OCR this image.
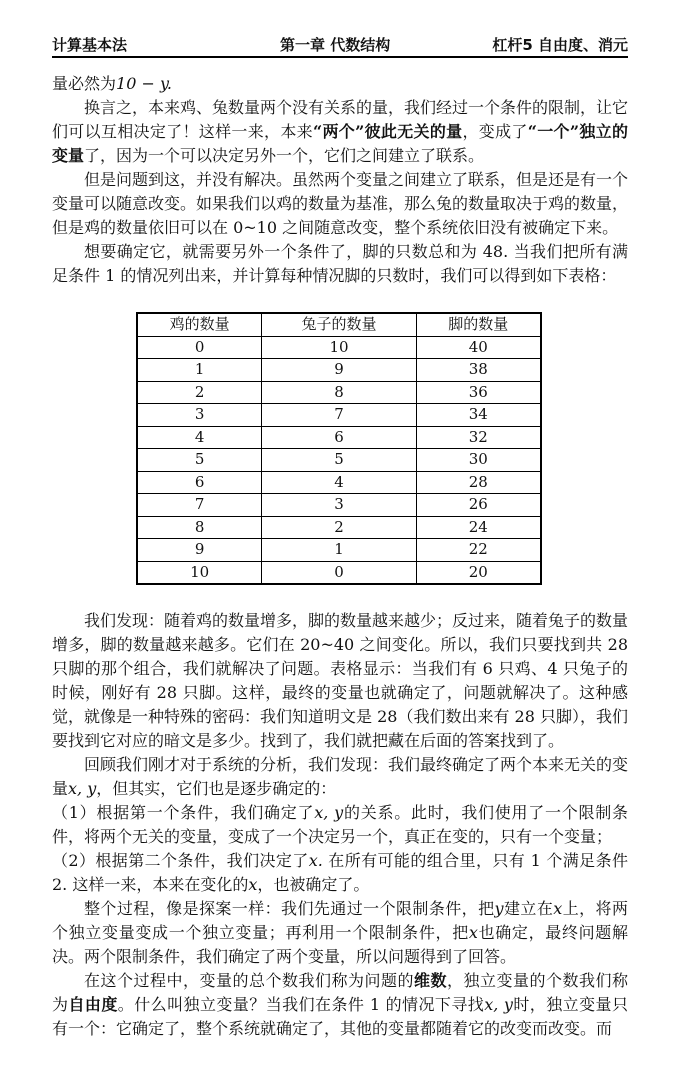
计算基本法	第一章 代数结构	杠杆5 自由度、消元

量必然为10 − y.

换言之，本来鸡、兔数量两个没有关系的量，我们经过一个条件的限制，让它们可以互相决定了！这样一来，本来“两个”彼此无关的量，变成了“一个”独立的变量了，因为一个可以决定另外一个，它们之间建立了联系。

但是问题到这，并没有解决。虽然两个变量之间建立了联系，但是还是有一个变量可以随意改变。如果我们以鸡的数量为基准，那么兔的数量取决于鸡的数量，但是鸡的数量依旧可以在 0~10 之间随意改变，整个系统依旧没有被确定下来。

想要确定它，就需要另外一个条件了，脚的只数总和为 48. 当我们把所有满足条件 1 的情况列出来，并计算每种情况脚的只数时，我们可以得到如下表格：

鸡的数量	兔子的数量	脚的数量
0	10	40
1	9	38
2	8	36
3	7	34
4	6	32
5	5	30
6	4	28
7	3	26
8	2	24
9	1	22
10	0	20

我们发现：随着鸡的数量增多，脚的数量越来越少；反过来，随着兔子的数量增多，脚的数量越来越多。它们在 20~40 之间变化。所以，我们只要找到共 28 只脚的那个组合，我们就解决了问题。表格显示：当我们有 6 只鸡、4 只兔子的时候，刚好有 28 只脚。这样，最终的变量也就确定了，问题就解决了。这种感觉，就像是一种特殊的密码：我们知道明文是 28（我们数出来有 28 只脚），我们要找到它对应的暗文是多少。找到了，我们就把藏在后面的答案找到了。

回顾我们刚才对于系统的分析，我们发现：我们最终确定了两个本来无关的变量x, y，但其实，它们也是逐步确定的：

（1）根据第一个条件，我们确定了x, y的关系。此时，我们使用了一个限制条件，将两个无关的变量，变成了一个决定另一个，真正在变的，只有一个变量；

（2）根据第二个条件，我们决定了x. 在所有可能的组合里，只有 1 个满足条件 2. 这样一来，本来在变化的x，也被确定了。

整个过程，像是探案一样：我们先通过一个限制条件，把y建立在x上，将两个独立变量变成一个独立变量；再利用一个限制条件，把x也确定，最终问题解决。两个限制条件，我们确定了两个变量，所以问题得到了回答。

在这个过程中，变量的总个数我们称为问题的维数，独立变量的个数我们称为自由度。什么叫独立变量？当我们在条件 1 的情况下寻找x, y时，独立变量只有一个：它确定了，整个系统就确定了，其他的变量都随着它的改变而改变。而
